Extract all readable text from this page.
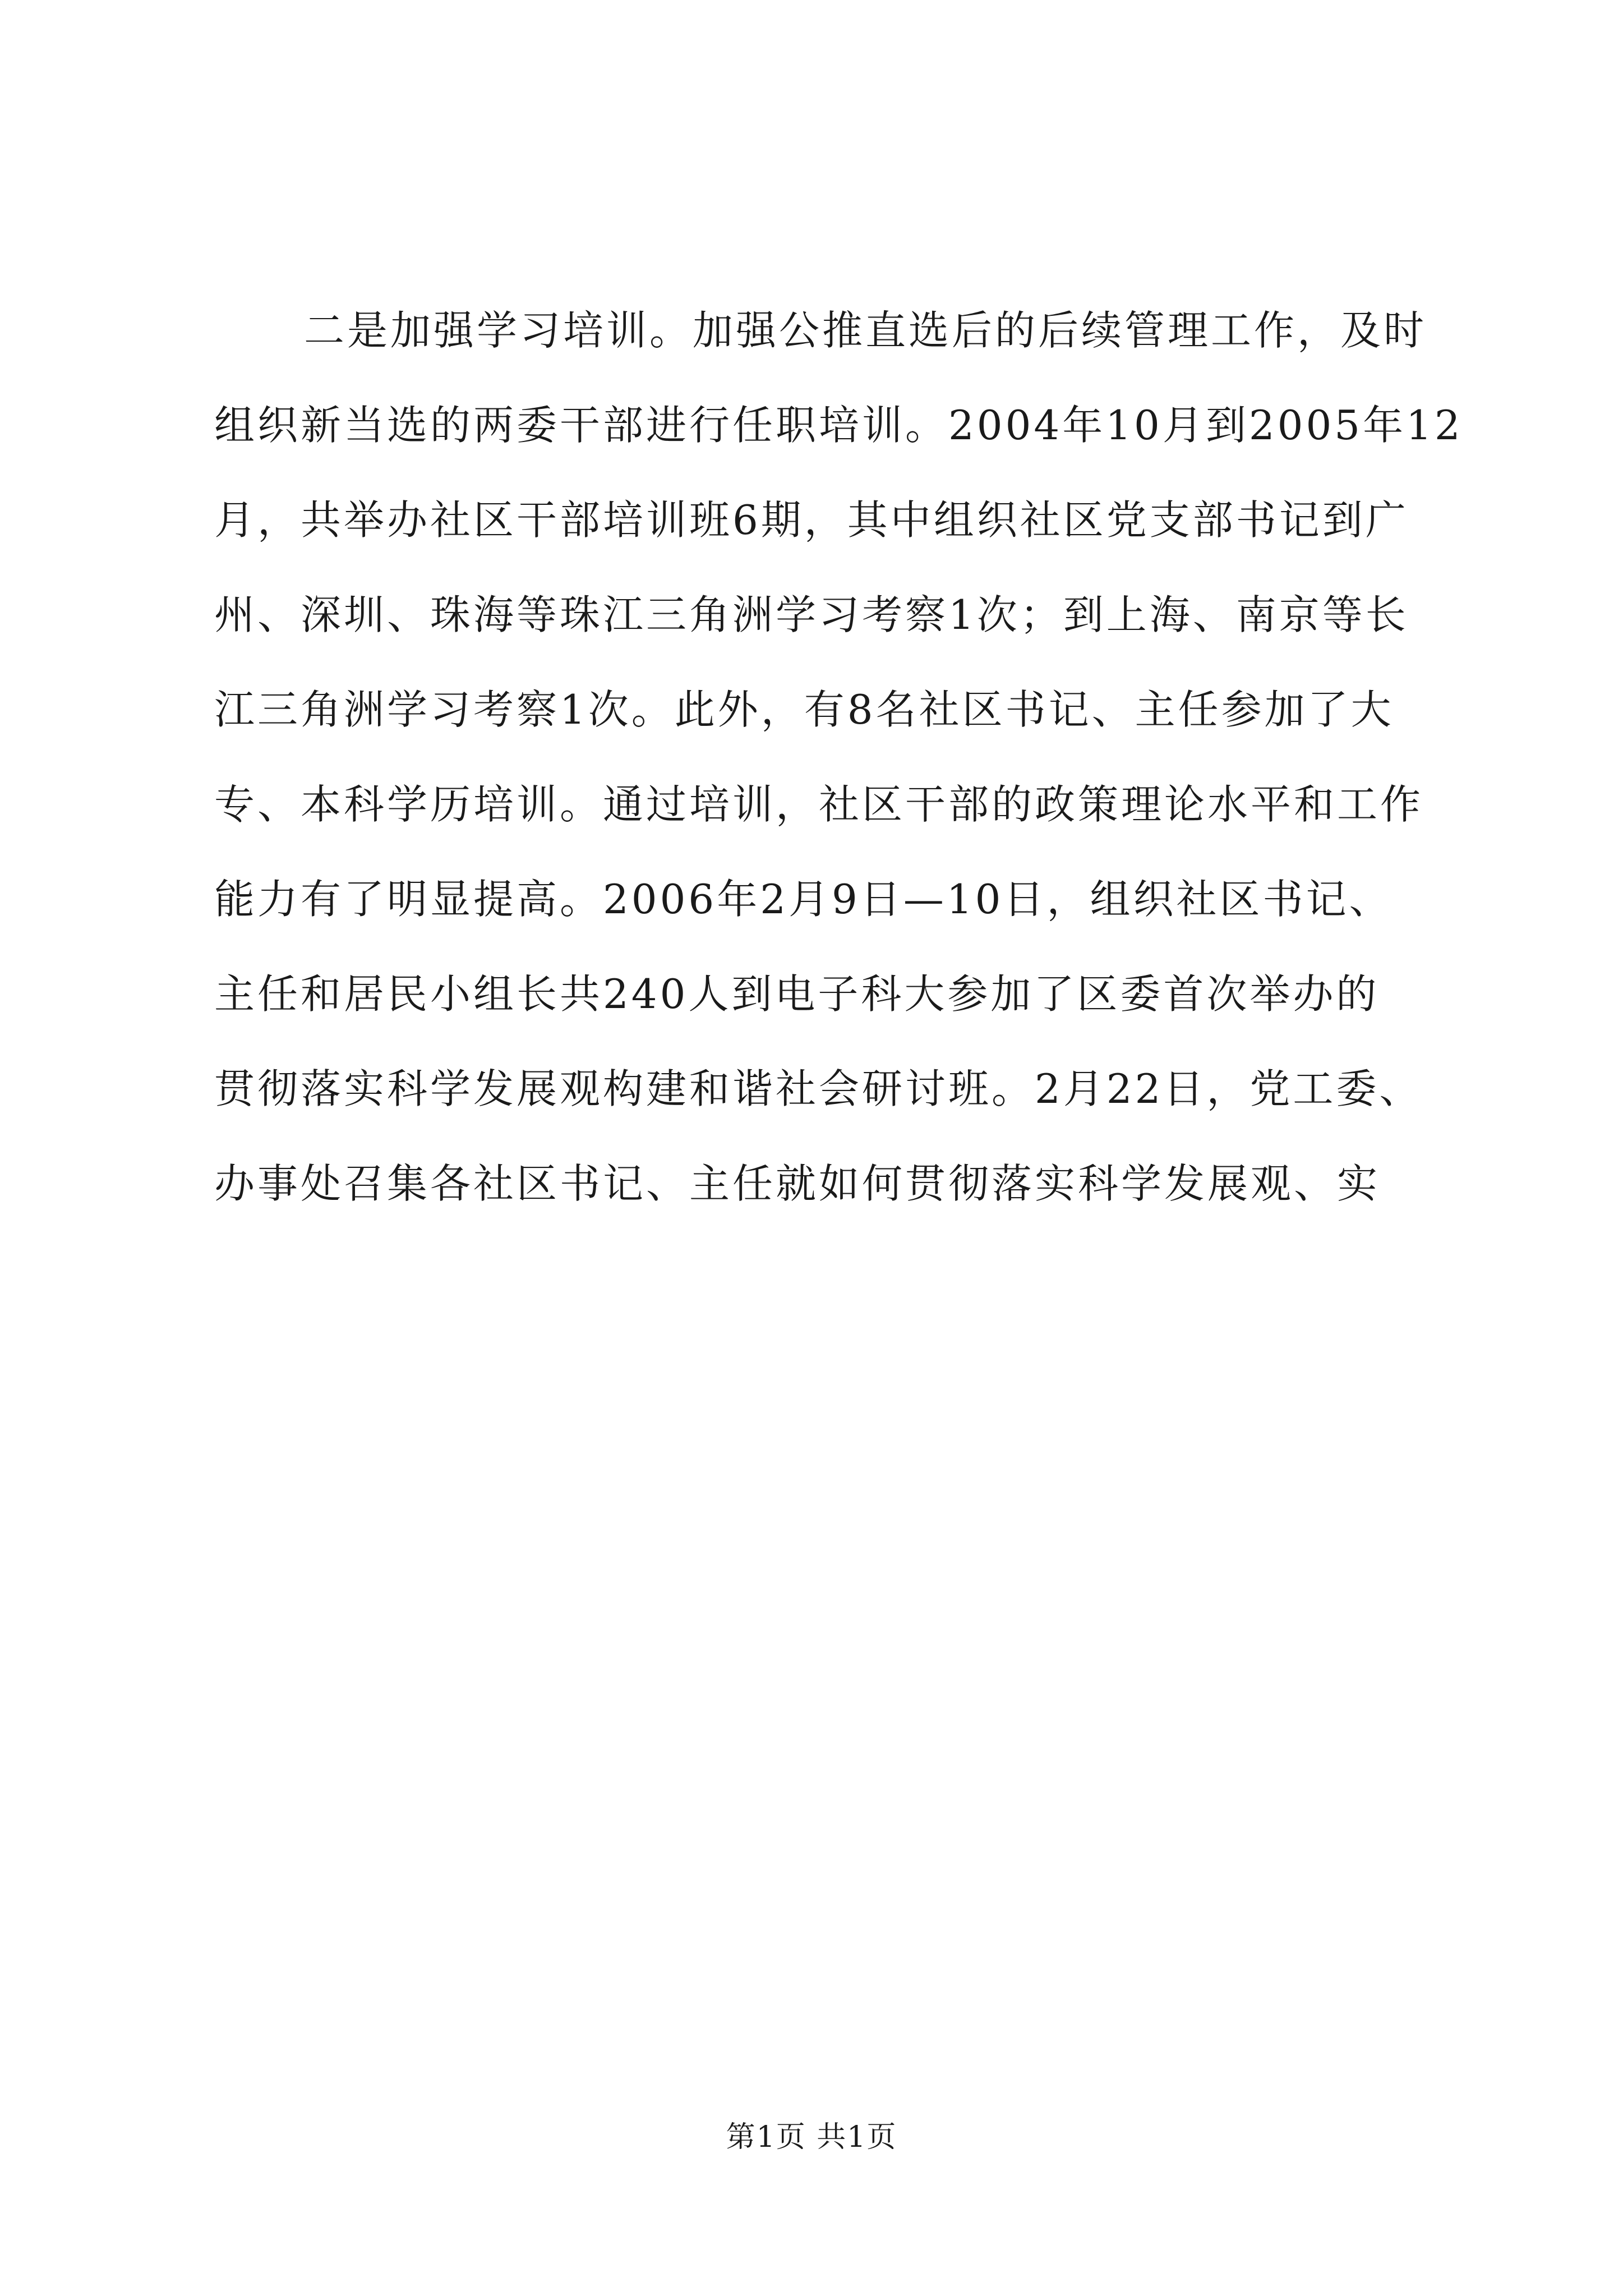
二是加强学习培训。加强公推直选后的后续管理工作，及时
组织新当选的两委干部进行任职培训。2004年10月到2005年12
月，共举办社区干部培训班6期，其中组织社区党支部书记到广
州、深圳、珠海等珠江三角洲学习考察1次；到上海、南京等长
江三角洲学习考察1次。此外，有8名社区书记、主任参加了大
专、本科学历培训。通过培训，社区干部的政策理论水平和工作
能力有了明显提高。2006年2月9日—10日，组织社区书记、
主任和居民小组长共240人到电子科大参加了区委首次举办的
贯彻落实科学发展观构建和谐社会研讨班。2月22日，党工委、
办事处召集各社区书记、主任就如何贯彻落实科学发展观、实
第1页 共1页
